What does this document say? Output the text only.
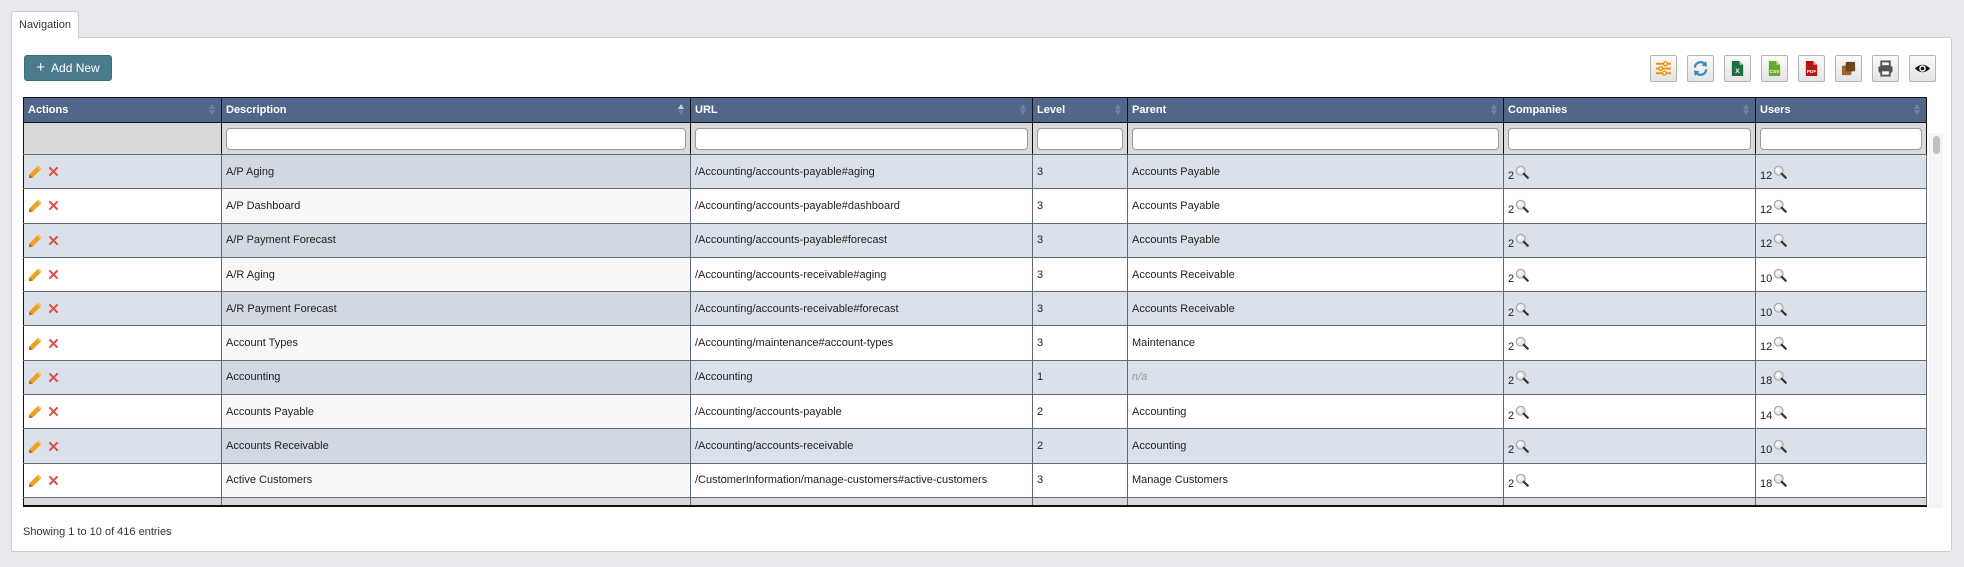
Navigation
+ Add New	X	CSV	PDF
Actions	Description	URL	Level	Parent	Companies	Users

	A/P Aging	/Accounting/accounts-payable#aging	3	Accounts Payable	2	12

	A/P Dashboard	/Accounting/accounts-payable#dashboard	3	Accounts Payable	2	12

	A/P Payment Forecast	/Accounting/accounts-payable#forecast	3	Accounts Payable	2	12

	A/R Aging	/Accounting/accounts-receivable#aging	3	Accounts Receivable	2	10

	A/R Payment Forecast	/Accounting/accounts-receivable#forecast	3	Accounts Receivable	2	10

	Account Types	/Accounting/maintenance#account-types	3	Maintenance	2	12

	Accounting	/Accounting	1	n/a	2	18

	Accounts Payable	/Accounting/accounts-payable	2	Accounting	2	14

	Accounts Receivable	/Accounting/accounts-receivable	2	Accounting	2	10

	Active Customers	/CustomerInformation/manage-customers#active-customers	3	Manage Customers	2	18

Showing 1 to 10 of 416 entries
